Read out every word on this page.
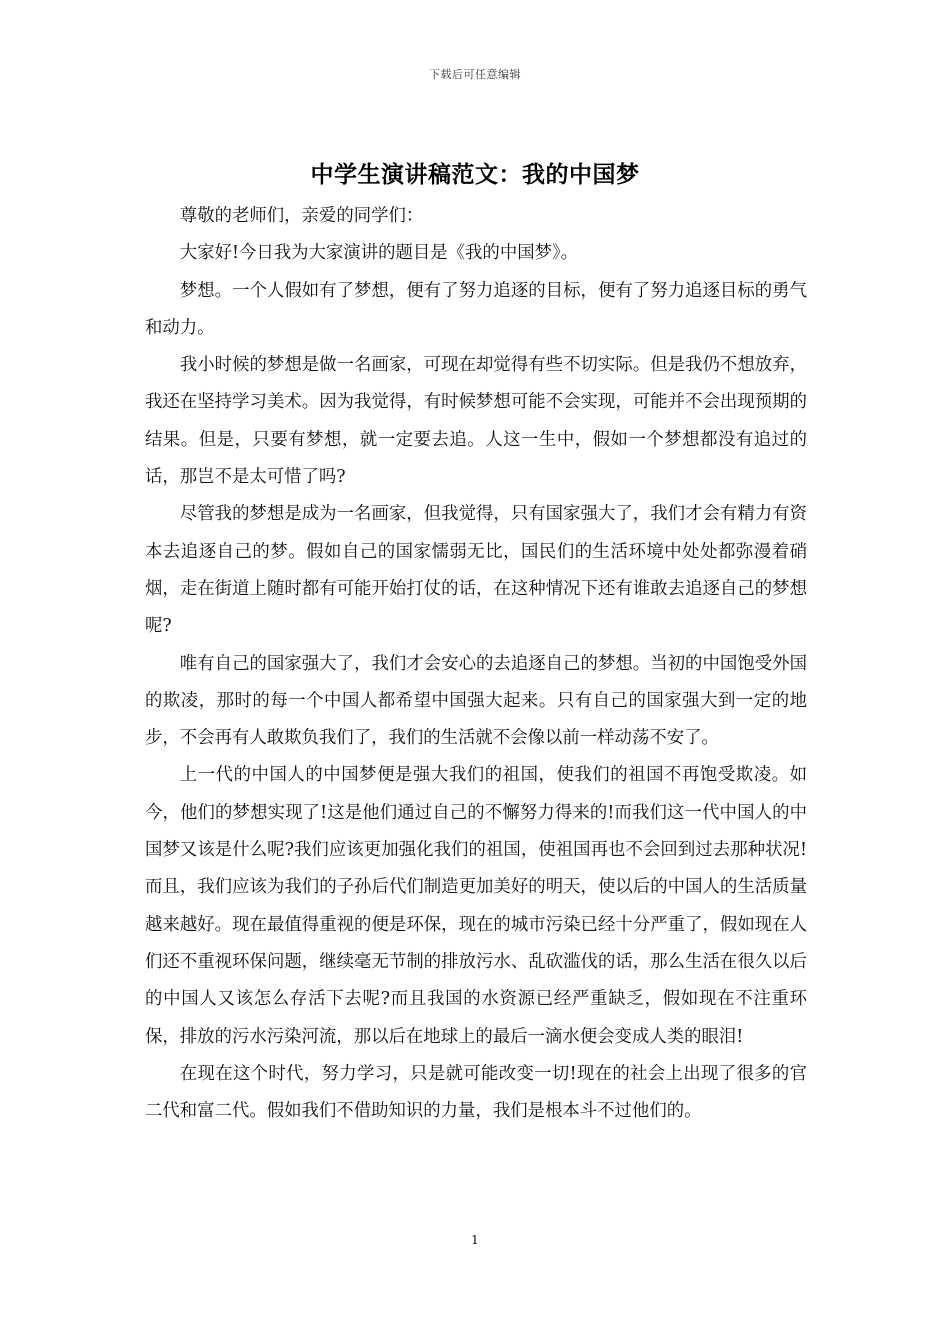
下载后可任意编辑
中学生演讲稿范文：我的中国梦

尊敬的老师们，亲爱的同学们：

大家好!今日我为大家演讲的题目是《我的中国梦》。

梦想。一个人假如有了梦想，便有了努力追逐的目标，便有了努力追逐目标的勇气和动力。

我小时候的梦想是做一名画家，可现在却觉得有些不切实际。但是我仍不想放弃，我还在坚持学习美术。因为我觉得，有时候梦想可能不会实现，可能并不会出现预期的结果。但是，只要有梦想，就一定要去追。人这一生中，假如一个梦想都没有追过的话，那岂不是太可惜了吗?

尽管我的梦想是成为一名画家，但我觉得，只有国家强大了，我们才会有精力有资本去追逐自己的梦。假如自己的国家懦弱无比，国民们的生活环境中处处都弥漫着硝烟，走在街道上随时都有可能开始打仗的话，在这种情况下还有谁敢去追逐自己的梦想呢?

唯有自己的国家强大了，我们才会安心的去追逐自己的梦想。当初的中国饱受外国的欺凌，那时的每一个中国人都希望中国强大起来。只有自己的国家强大到一定的地步，不会再有人敢欺负我们了，我们的生活就不会像以前一样动荡不安了。

上一代的中国人的中国梦便是强大我们的祖国，使我们的祖国不再饱受欺凌。如今，他们的梦想实现了!这是他们通过自己的不懈努力得来的!而我们这一代中国人的中国梦又该是什么呢?我们应该更加强化我们的祖国，使祖国再也不会回到过去那种状况!而且，我们应该为我们的子孙后代们制造更加美好的明天，使以后的中国人的生活质量越来越好。现在最值得重视的便是环保，现在的城市污染已经十分严重了，假如现在人们还不重视环保问题，继续毫无节制的排放污水、乱砍滥伐的话，那么生活在很久以后的中国人又该怎么存活下去呢?而且我国的水资源已经严重缺乏，假如现在不注重环保，排放的污水污染河流，那以后在地球上的最后一滴水便会变成人类的眼泪!

在现在这个时代，努力学习，只是就可能改变一切!现在的社会上出现了很多的官二代和富二代。假如我们不借助知识的力量，我们是根本斗不过他们的。

1
